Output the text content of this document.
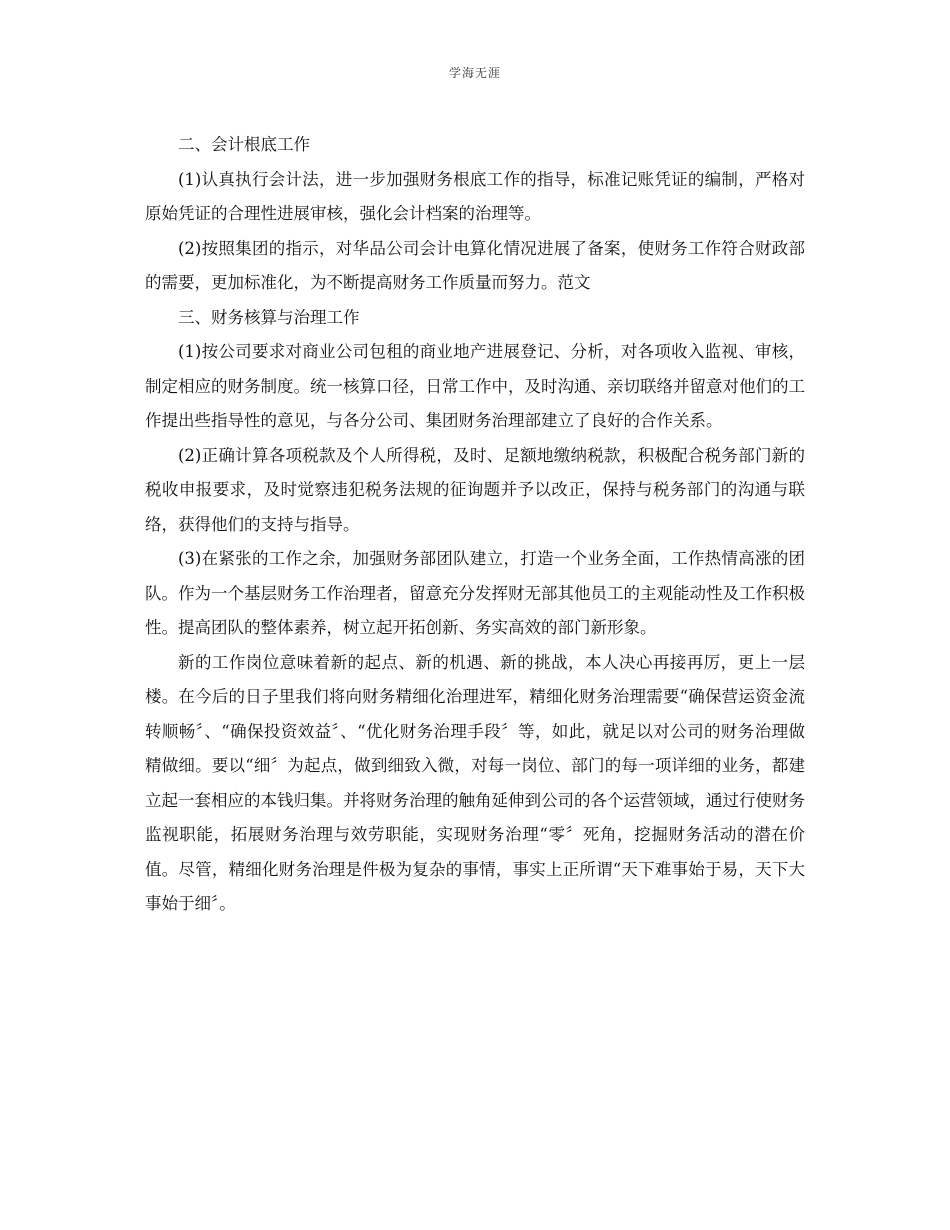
学海无涯

二、会计根底工作

(1)认真执行会计法，进一步加强财务根底工作的指导，标准记账凭证的编制，严格对原始凭证的合理性进展审核，强化会计档案的治理等。

(2)按照集团的指示，对华品公司会计电算化情况进展了备案，使财务工作符合财政部的需要，更加标准化，为不断提高财务工作质量而努力。范文

三、财务核算与治理工作

(1)按公司要求对商业公司包租的商业地产进展登记、分析，对各项收入监视、审核，制定相应的财务制度。统一核算口径，日常工作中，及时沟通、亲切联络并留意对他们的工作提出些指导性的意见，与各分公司、集团财务治理部建立了良好的合作关系。

(2)正确计算各项税款及个人所得税，及时、足额地缴纳税款，积极配合税务部门新的税收申报要求，及时觉察违犯税务法规的征询题并予以改正，保持与税务部门的沟通与联络，获得他们的支持与指导。

(3)在紧张的工作之余，加强财务部团队建立，打造一个业务全面，工作热情高涨的团队。作为一个基层财务工作治理者，留意充分发挥财无部其他员工的主观能动性及工作积极性。提高团队的整体素养，树立起开拓创新、务实高效的部门新形象。

新的工作岗位意味着新的起点、新的机遇、新的挑战，本人决心再接再厉，更上一层楼。在今后的日子里我们将向财务精细化治理进军，精细化财务治理需要“确保营运资金流转顺畅〞、“确保投资效益〞、“优化财务治理手段〞等，如此，就足以对公司的财务治理做精做细。要以“细〞为起点，做到细致入微，对每一岗位、部门的每一项详细的业务，都建立起一套相应的本钱归集。并将财务治理的触角延伸到公司的各个运营领域，通过行使财务监视职能，拓展财务治理与效劳职能，实现财务治理“零〞死角，挖掘财务活动的潜在价值。尽管，精细化财务治理是件极为复杂的事情，事实上正所谓“天下难事始于易，天下大事始于细〞。
